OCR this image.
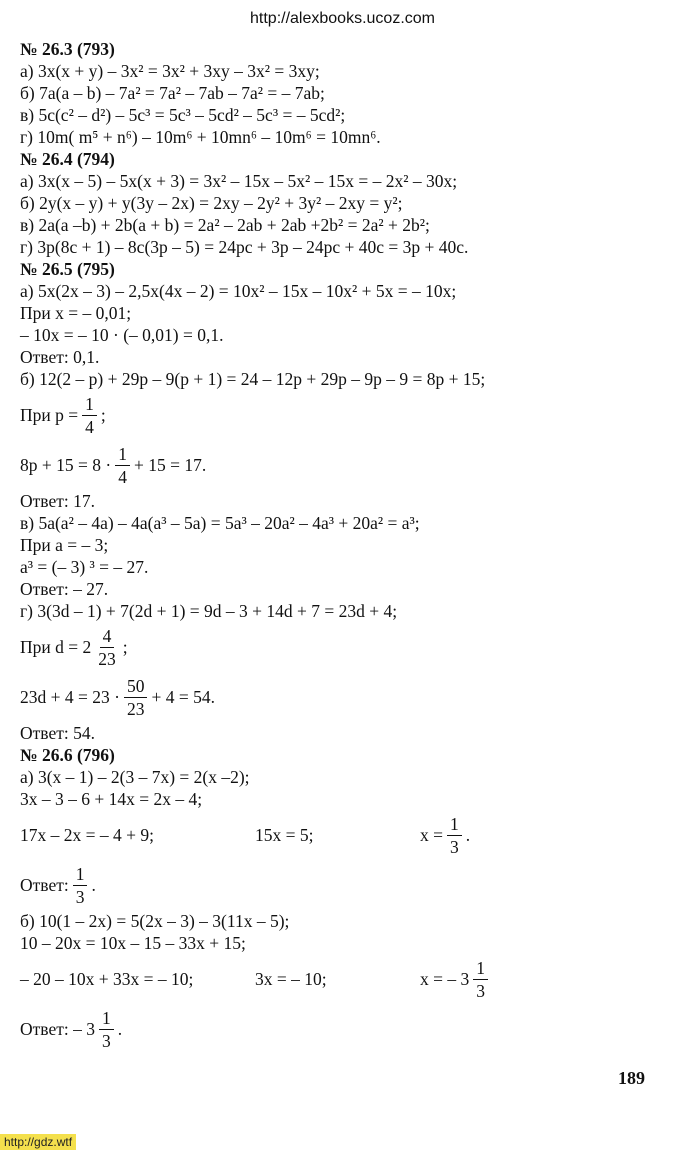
http://alexbooks.ucoz.com
№ 26.3 (793)
а) 3x(x + y) – 3x² = 3x² + 3xy – 3x² = 3xy;
б) 7a(a – b) – 7a² = 7a² – 7ab – 7a² = – 7ab;
в) 5c(c² – d²) – 5c³ = 5c³ – 5cd² – 5c³ = – 5cd²;
г) 10m( m⁵ + n⁶) – 10m⁶ + 10mn⁶ – 10m⁶ = 10mn⁶.
№ 26.4 (794)
а) 3x(x – 5) – 5x(x + 3) = 3x² – 15x – 5x² – 15x = – 2x² – 30x;
б) 2y(x – y) + y(3y – 2x) = 2xy – 2y² + 3y² – 2xy = y²;
в) 2a(a –b) + 2b(a + b) = 2a² – 2ab + 2ab +2b² = 2a² + 2b²;
г) 3p(8c + 1) – 8c(3p – 5) = 24pc + 3p – 24pc + 40c = 3p + 40c.
№ 26.5 (795)
а) 5x(2x – 3) – 2,5x(4x – 2) = 10x² – 15x – 10x² + 5x = – 10x;
При x = – 0,01;
– 10x = – 10 · (– 0,01) = 0,1.
Ответ: 0,1.
б) 12(2 – p) + 29p – 9(p + 1) = 24 – 12p + 29p – 9p – 9 = 8p + 15;
При $p = \frac{1}{4}$ ;
$8p + 15 = 8 \cdot \frac{1}{4} + 15 = 17$.
Ответ: 17.
в) 5a(a² – 4a) – 4a(a³ – 5a) = 5a³ – 20a² – 4a³ + 20a² = a³;
При a = – 3;
a³ = (– 3) ³ = – 27.
Ответ: – 27.
г) 3(3d – 1) + 7(2d + 1) = 9d – 3 + 14d + 7 = 23d + 4;
При $d = 2 \frac{4}{23}$ ;
$23d + 4 = 23 \cdot \frac{50}{23} + 4 = 54$.
Ответ: 54.
№ 26.6 (796)
а) 3(x – 1) – 2(3 – 7x) = 2(x –2);
3x – 3 – 6 + 14x = 2x – 4;
17x – 2x = – 4 + 9;	15x = 5;	$x = \frac{1}{3}$ .
Ответ: $\frac{1}{3}$ .
б) 10(1 – 2x) = 5(2x – 3) – 3(11x – 5);
10 – 20x = 10x – 15 – 33x + 15;
– 20 – 10x + 33x = – 10;	3x = – 10;	x = – $3 \frac{1}{3}$
Ответ: – $3 \frac{1}{3}$ .
189
http://gdz.wtf
